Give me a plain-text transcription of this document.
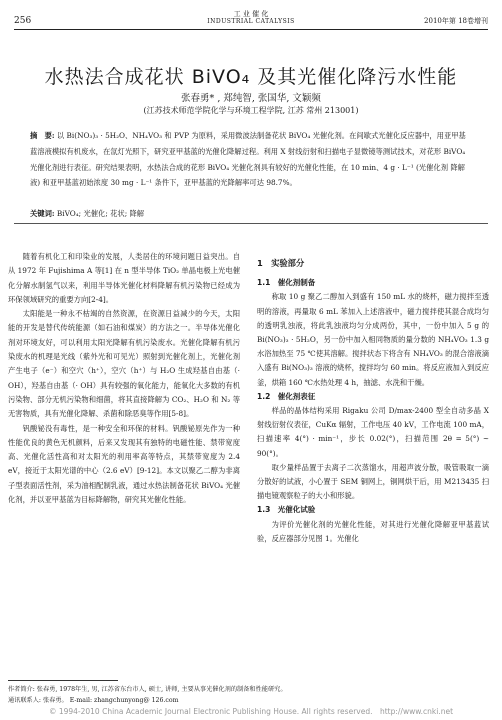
256
工 业 催 化
INDUSTRIAL CATALYSIS	2010年第 18卷增刊
水热法合成花状 BiVO₄ 及其光催化降污水性能
张春勇* , 郑纯智, 张国华, 文颖频
(江苏技术师范学院化学与环境工程学院, 江苏 常州 213001)
摘　要: 以 Bi(NO₃)₃ · 5H₂O、NH₄VO₃ 和 PVP 为原料，采用微波法制备花状 BiVO₄ 光催化剂。在间歇式光催化反应器中，用亚甲基蓝溶液模拟有机废水，在氙灯光照下，研究亚甲基蓝的光催化降解过程。利用 X 射线衍射和扫描电子显微镜等测试技术，对花形 BiVO₄ 光催化剂进行表征。研究结果表明，水热法合成的花形 BiVO₄ 光催化剂具有较好的光催化性能，在 10 min、4 g · L⁻¹ (光催化剂 降解液) 和亚甲基蓝初始浓度 30 mg · L⁻¹ 条件下，亚甲基蓝的光降解率可达 98.7%。
关键词: BiVO₄; 光催化; 花状; 降解

随着有机化工和印染业的发展，人类居住的环境问题日益突出。自从 1972 年 Fujishima A 等[1] 在 n 型半导体 TiO₂ 单晶电极上光电催化分解水制氢气以来，利用半导体光催化材料降解有机污染物已经成为环保领域研究的重要方向[2-4]。

太阳能是一种永不枯竭的自然资源，在资源日益减少的今天，太阳能的开发是替代传统能源（如石油和煤炭）的方法之一。半导体光催化剂对环境友好，可以利用太阳光降解有机污染废水。光催化降解有机污染废水的机理是光线（紫外光和可见光）照射到光催化剂上，光催化剂产生电子（e⁻）和空穴（h⁺），空穴（h⁺）与 H₂O 生成羟基自由基（· OH），羟基自由基（· OH）具有较强的氧化能力，能氧化大多数的有机污染物、部分无机污染物和细菌，将其直接降解为 CO₂、H₂O 和 N₂ 等无害物质，具有光催化降解、杀菌和除恶臭等作用[5-8]。

钒酸铋没有毒性，是一种安全和环保的材料。钒酸铋原先作为一种性能优良的黄色无机颜料，后来又发现其有独特的电磁性能、禁带宽度高、光催化活性高和对太阳光的利用率高等特点，其禁带宽度为 2.4 eV，接近于太阳光谱的中心（2.6 eV）[9-12]。本文以聚乙二醇为非离子型表面活性剂，采为油相配制乳液，通过水热法制备花状 BiVO₄ 光催化剂，并以亚甲基蓝为目标降解物，研究其光催化性能。

1　实验部分
1.1　催化剂制备

称取 10 g 聚乙二醇加入到盛有 150 mL 水的烧杯，磁力搅拌至透明的溶液，再量取 6 mL 苯加入上述溶液中，磁力搅拌使其混合成均匀的透明乳浊液，将此乳浊液均匀分成两份，其中，一份中加入 5 g 的 Bi(NO₃)₃ · 5H₂O，另一份中加入相同物质的量分数的 NH₄VO₃ 1.3 g 水浴加热至 75 ℃使其溶解。搅拌状态下将含有 NH₄VO₃ 的混合溶液滴入盛有 Bi(NO₃)₃ 溶液的烧杯，搅拌均匀 60 min。将反应液加入到反应釜，烘箱 160 ℃水热处理 4 h，抽滤、水洗和干燥。

1.2　催化剂表征

样品的晶体结构采用 Rigaku 公司 D/max-2400 型全自动多晶 X 射线衍射仪表征，CuKα 辐射，工作电压 40 kV，工作电流 100 mA，扫描速率 4(°) · min⁻¹，步长 0.02(°)，扫描范围 2θ = 5(°) ~ 90(°)。

取少量样品置于去离子二次蒸馏水，用超声波分散，吸管吸取一滴分散好的试液，小心置于 SEM 铜网上，铜网烘干后，用 M213435 扫描电镜观察粒子的大小和形貌。

1.3　光催化试验

为评价光催化剂的光催化性能，对其进行光催化降解亚甲基蓝试验，反应器部分见图 1。光催化

作者简介: 张春勇, 1978年生, 男, 江苏省东台市人, 硕士, 讲师, 主要从事光催化剂的制备和性能研究。
通讯联系人: 张春勇。 E-mail: zhangchunyong@ 126.com
© 1994-2010 China Academic Journal Electronic Publishing House. All rights reserved.　http://www.cnki.net
